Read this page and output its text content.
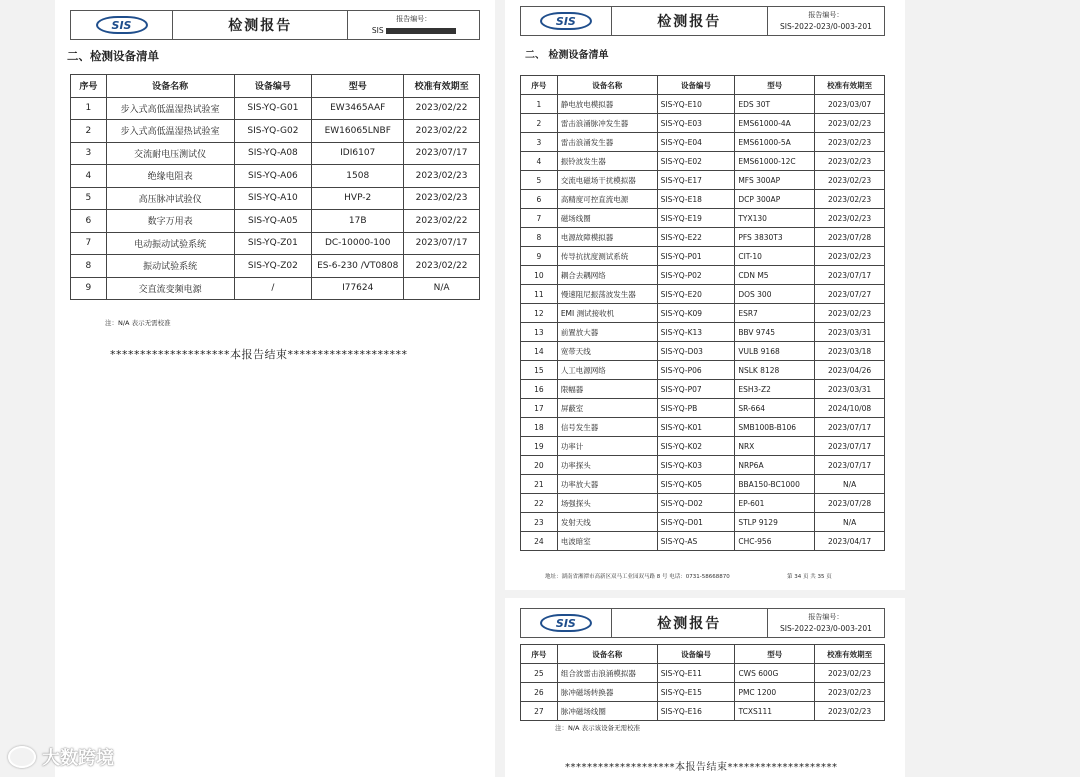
SIS	检测报告	报告编号：
SIS
二、检测设备清单
序号	设备名称	设备编号	型号	校准有效期至
1	步入式高低温湿热试验室	SIS-YQ-G01	EW3465AAF	2023/02/22
2	步入式高低温湿热试验室	SIS-YQ-G02	EW16065LNBF	2023/02/22
3	交流耐电压测试仪	SIS-YQ-A08	IDI6107	2023/07/17
4	绝缘电阻表	SIS-YQ-A06	1508	2023/02/23
5	高压脉冲试验仪	SIS-YQ-A10	HVP-2	2023/02/23
6	数字万用表	SIS-YQ-A05	17B	2023/02/22
7	电动振动试验系统	SIS-YQ-Z01	DC-10000-100	2023/07/17
8	振动试验系统	SIS-YQ-Z02	ES-6-230 /VT0808	2023/02/22
9	交直流变频电源	/	I77624	N/A
注：N/A 表示无需校准
********************本报告结束********************
SIS	检测报告	报告编号：
SIS-2022-023/0-003-201
二、 检测设备清单
序号	设备名称	设备编号	型号	校准有效期至
1	静电放电模拟器	SIS-YQ-E10	EDS 30T	2023/03/07
2	雷击浪涌脉冲发生器	SIS-YQ-E03	EMS61000-4A	2023/02/23
3	雷击浪涌发生器	SIS-YQ-E04	EMS61000-5A	2023/02/23
4	振铃波发生器	SIS-YQ-E02	EMS61000-12C	2023/02/23
5	交流电磁场干扰模拟器	SIS-YQ-E17	MFS 300AP	2023/02/23
6	高精度可控直流电源	SIS-YQ-E18	DCP 300AP	2023/02/23
7	磁场线圈	SIS-YQ-E19	TYX130	2023/02/23
8	电源故障模拟器	SIS-YQ-E22	PFS 3830T3	2023/07/28
9	传导抗扰度测试系统	SIS-YQ-P01	CIT-10	2023/02/23
10	耦合去耦网络	SIS-YQ-P02	CDN M5	2023/07/17
11	慢速阻尼振荡波发生器	SIS-YQ-E20	DOS 300	2023/07/27
12	EMI 测试接收机	SIS-YQ-K09	ESR7	2023/02/23
13	前置放大器	SIS-YQ-K13	BBV 9745	2023/03/31
14	宽带天线	SIS-YQ-D03	VULB 9168	2023/03/18
15	人工电源网络	SIS-YQ-P06	NSLK 8128	2023/04/26
16	限幅器	SIS-YQ-P07	ESH3-Z2	2023/03/31
17	屏蔽室	SIS-YQ-PB	SR-664	2024/10/08
18	信号发生器	SIS-YQ-K01	SMB100B-B106	2023/07/17
19	功率计	SIS-YQ-K02	NRX	2023/07/17
20	功率探头	SIS-YQ-K03	NRP6A	2023/07/17
21	功率放大器	SIS-YQ-K05	BBA150-BC1000	N/A
22	场强探头	SIS-YQ-D02	EP-601	2023/07/28
23	发射天线	SIS-YQ-D01	STLP 9129	N/A
24	电波暗室	SIS-YQ-AS	CHC-956	2023/04/17
地址：湖南省湘潭市高新区双马工业园双马路 8 号 电话：0731-58668870	第 34 页 共 35 页
SIS	检测报告	报告编号：
SIS-2022-023/0-003-201
序号	设备名称	设备编号	型号	校准有效期至
25	组合波雷击浪涌模拟器	SIS-YQ-E11	CWS 600G	2023/02/23
26	脉冲磁场转换器	SIS-YQ-E15	PMC 1200	2023/02/23
27	脉冲磁场线圈	SIS-YQ-E16	TCXS111	2023/02/23
注：N/A 表示该设备无需校准
********************本报告结束********************
大数跨境
